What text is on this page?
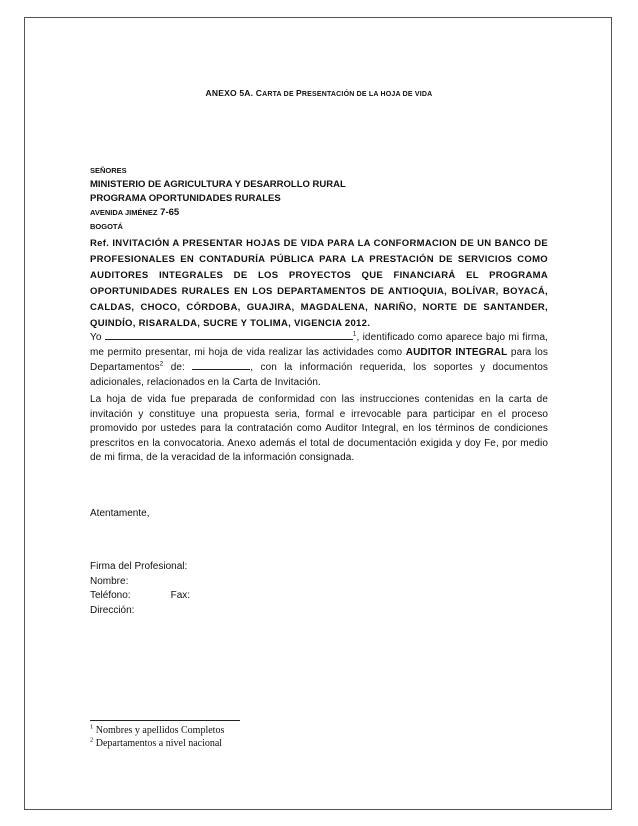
ANEXO 5A. CARTA DE PRESENTACIÓN DE LA HOJA DE VIDA
SEÑORES
MINISTERIO DE AGRICULTURA Y DESARROLLO RURAL
PROGRAMA OPORTUNIDADES RURALES
AVENIDA JIMÉNEZ 7-65
BOGOTÁ
Ref. INVITACIÓN A PRESENTAR HOJAS DE VIDA PARA LA CONFORMACION DE UN BANCO DE PROFESIONALES EN CONTADURÍA PÚBLICA PARA LA PRESTACIÓN DE SERVICIOS COMO AUDITORES INTEGRALES DE LOS PROYECTOS QUE FINANCIARÁ EL PROGRAMA OPORTUNIDADES RURALES EN LOS DEPARTAMENTOS DE ANTIOQUIA, BOLÍVAR, BOYACÁ, CALDAS, CHOCO, CÓRDOBA, GUAJIRA, MAGDALENA, NARIÑO, NORTE DE SANTANDER, QUINDÍO, RISARALDA, SUCRE Y TOLIMA, VIGENCIA 2012.
Yo	$^1$, identificado como aparece bajo mi firma, me permito presentar, mi hoja de vida realizar las actividades como AUDITOR INTEGRAL para los Departamentos$^2$ de:	, con la información requerida, los soportes y documentos adicionales, relacionados en la Carta de Invitación.
La hoja de vida fue preparada de conformidad con las instrucciones contenidas en la carta de invitación y constituye una propuesta seria, formal e irrevocable para participar en el proceso promovido por ustedes para la contratación como Auditor Integral, en los términos de condiciones prescritos en la convocatoria. Anexo además el total de documentación exigida y doy Fe, por medio de mi firma, de la veracidad de la información consignada.
Atentamente,
Firma del Profesional:
Nombre:
Teléfono:	Fax:
Dirección:
$^1$ Nombres y apellidos Completos
$^2$ Departamentos a nivel nacional
